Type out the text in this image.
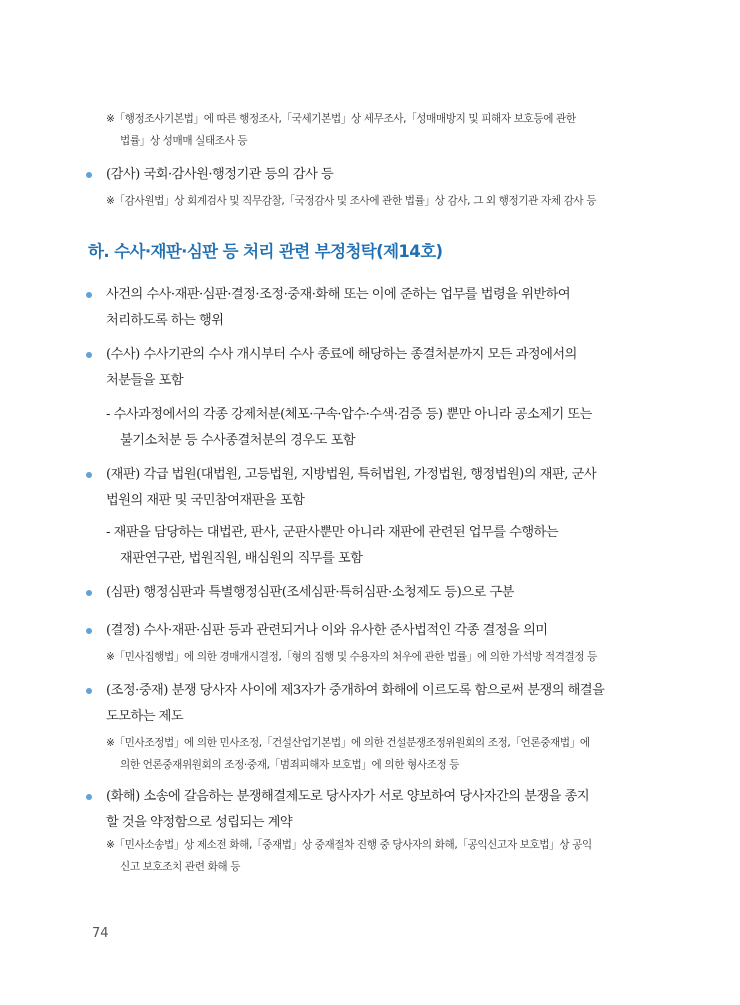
※「행정조사기본법」에 따른 행정조사,「국세기본법」상 세무조사,「성매매방지 및 피해자 보호등에 관한
법률」상 성매매 실태조사 등
(감사) 국회·감사원·행정기관 등의 감사 등
※「감사원법」상 회계검사 및 직무감찰,「국정감사 및 조사에 관한 법률」상 감사, 그 외 행정기관 자체 감사 등
하. 수사·재판·심판 등 처리 관련 부정청탁(제14호)
사건의 수사·재판·심판·결정·조정·중재·화해 또는 이에 준하는 업무를 법령을 위반하여
처리하도록 하는 행위
(수사) 수사기관의 수사 개시부터 수사 종료에 해당하는 종결처분까지 모든 과정에서의
처분들을 포함
- 수사과정에서의 각종 강제처분(체포·구속·압수·수색·검증 등) 뿐만 아니라 공소제기 또는
불기소처분 등 수사종결처분의 경우도 포함
(재판) 각급 법원(대법원, 고등법원, 지방법원, 특허법원, 가정법원, 행정법원)의 재판, 군사
법원의 재판 및 국민참여재판을 포함
- 재판을 담당하는 대법관, 판사, 군판사뿐만 아니라 재판에 관련된 업무를 수행하는
재판연구관, 법원직원, 배심원의 직무를 포함
(심판) 행정심판과 특별행정심판(조세심판·특허심판·소청제도 등)으로 구분
(결정) 수사·재판·심판 등과 관련되거나 이와 유사한 준사법적인 각종 결정을 의미
※「민사집행법」에 의한 경매개시결정,「형의 집행 및 수용자의 처우에 관한 법률」에 의한 가석방 적격결정 등
(조정·중재) 분쟁 당사자 사이에 제3자가 중개하여 화해에 이르도록 함으로써 분쟁의 해결을
도모하는 제도
※「민사조정법」에 의한 민사조정,「건설산업기본법」에 의한 건설분쟁조정위원회의 조정,「언론중재법」에
의한 언론중재위원회의 조정·중재,「범죄피해자 보호법」에 의한 형사조정 등
(화해) 소송에 갈음하는 분쟁해결제도로 당사자가 서로 양보하여 당사자간의 분쟁을 종지
할 것을 약정함으로 성립되는 계약
※「민사소송법」상 제소전 화해,「중재법」상 중재절차 진행 중 당사자의 화해,「공익신고자 보호법」상 공익
신고 보호조치 관련 화해 등
74
